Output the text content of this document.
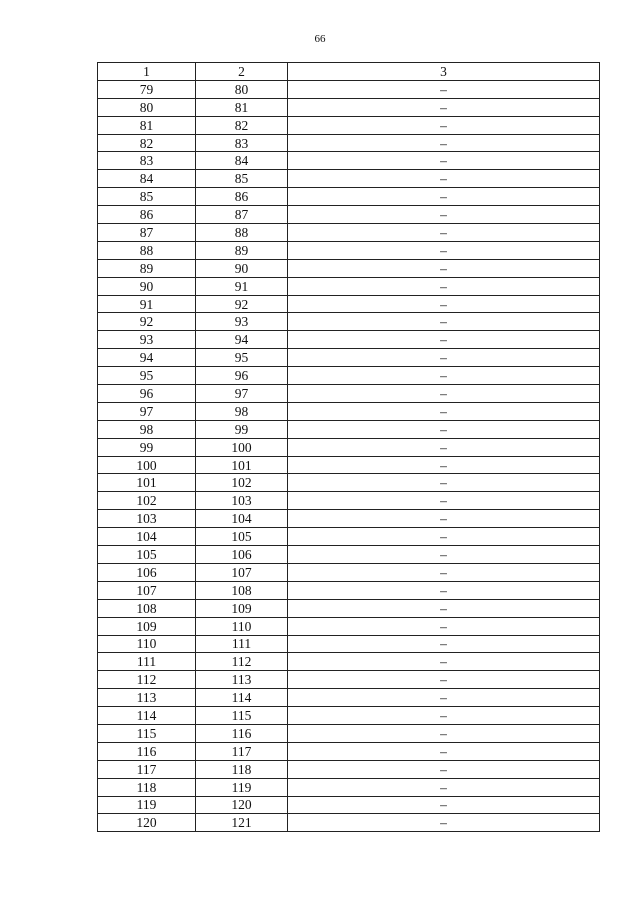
66
1	2	3
79	80	–
80	81	–
81	82	–
82	83	–
83	84	–
84	85	–
85	86	–
86	87	–
87	88	–
88	89	–
89	90	–
90	91	–
91	92	–
92	93	–
93	94	–
94	95	–
95	96	–
96	97	–
97	98	–
98	99	–
99	100	–
100	101	–
101	102	–
102	103	–
103	104	–
104	105	–
105	106	–
106	107	–
107	108	–
108	109	–
109	110	–
110	111	–
111	112	–
112	113	–
113	114	–
114	115	–
115	116	–
116	117	–
117	118	–
118	119	–
119	120	–
120	121	–
